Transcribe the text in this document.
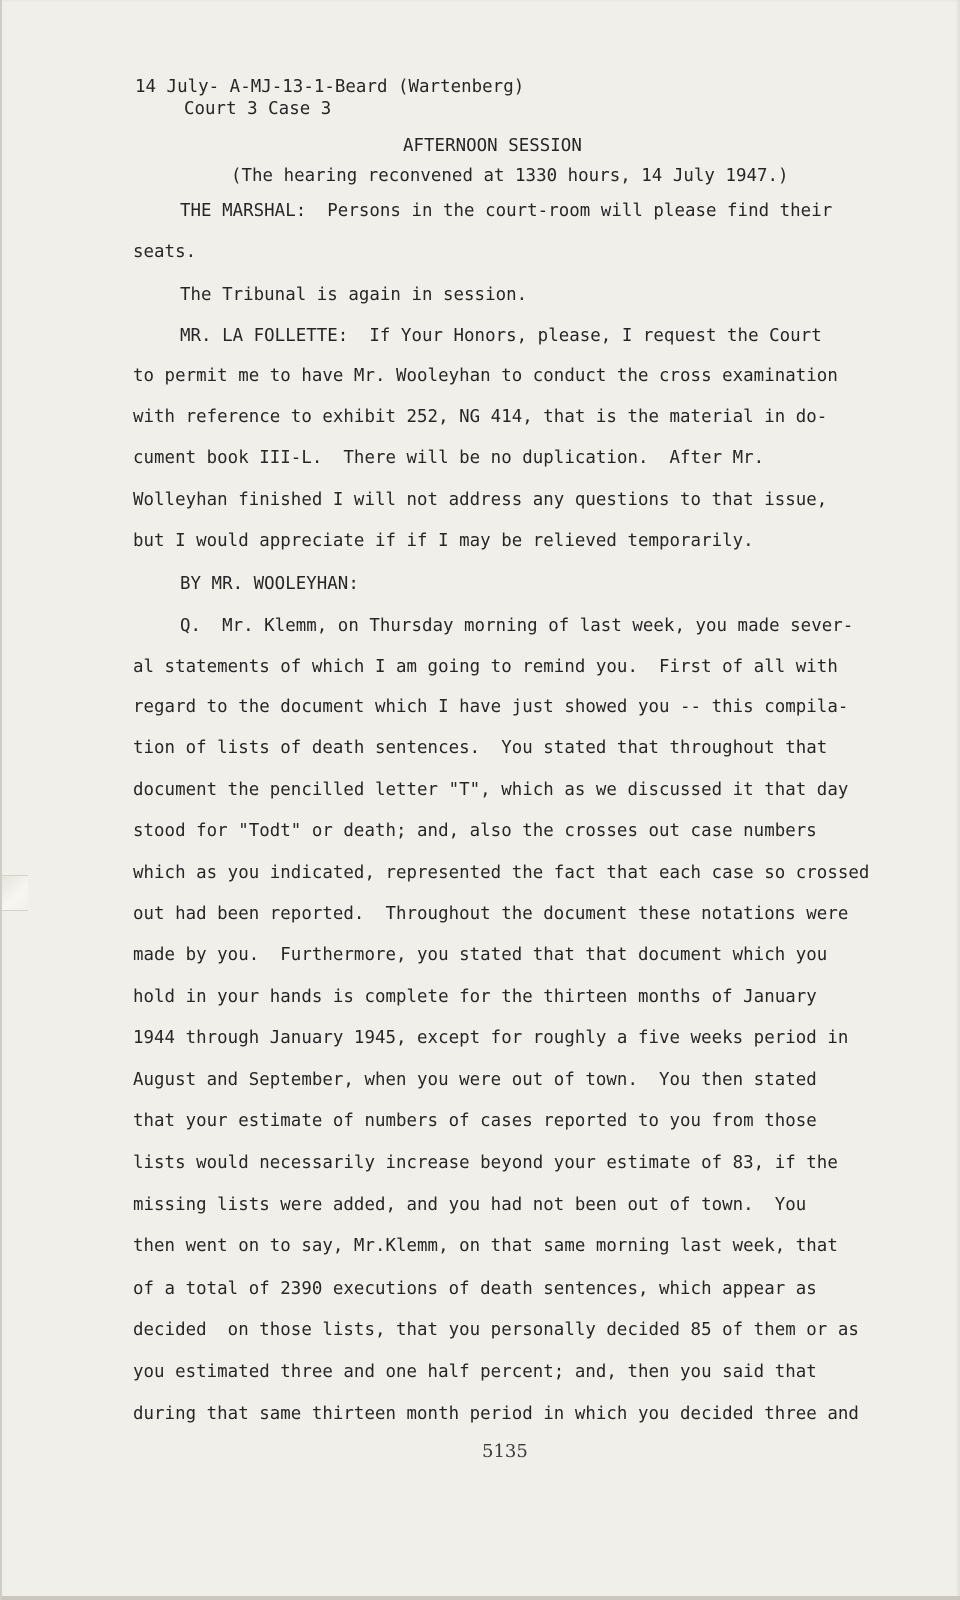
14 July- A-MJ-13-1-Beard (Wartenberg)
Court 3 Case 3
AFTERNOON SESSION
(The hearing reconvened at 1330 hours, 14 July 1947.)
THE MARSHAL:  Persons in the court-room will please find their
seats.
The Tribunal is again in session.
MR. LA FOLLETTE:  If Your Honors, please, I request the Court
to permit me to have Mr. Wooleyhan to conduct the cross examination
with reference to exhibit 252, NG 414, that is the material in do-
cument book III-L.  There will be no duplication.  After Mr.
Wolleyhan finished I will not address any questions to that issue,
but I would appreciate if if I may be relieved temporarily.
BY MR. WOOLEYHAN:
Q.  Mr. Klemm, on Thursday morning of last week, you made sever-
al statements of which I am going to remind you.  First of all with
regard to the document which I have just showed you -- this compila-
tion of lists of death sentences.  You stated that throughout that
document the pencilled letter "T", which as we discussed it that day
stood for "Todt" or death; and, also the crosses out case numbers
which as you indicated, represented the fact that each case so crossed
out had been reported.  Throughout the document these notations were
made by you.  Furthermore, you stated that that document which you
hold in your hands is complete for the thirteen months of January
1944 through January 1945, except for roughly a five weeks period in
August and September, when you were out of town.  You then stated
that your estimate of numbers of cases reported to you from those
lists would necessarily increase beyond your estimate of 83, if the
missing lists were added, and you had not been out of town.  You
then went on to say, Mr.Klemm, on that same morning last week, that
of a total of 2390 executions of death sentences, which appear as
decided  on those lists, that you personally decided 85 of them or as
you estimated three and one half percent; and, then you said that
during that same thirteen month period in which you decided three and
5135
